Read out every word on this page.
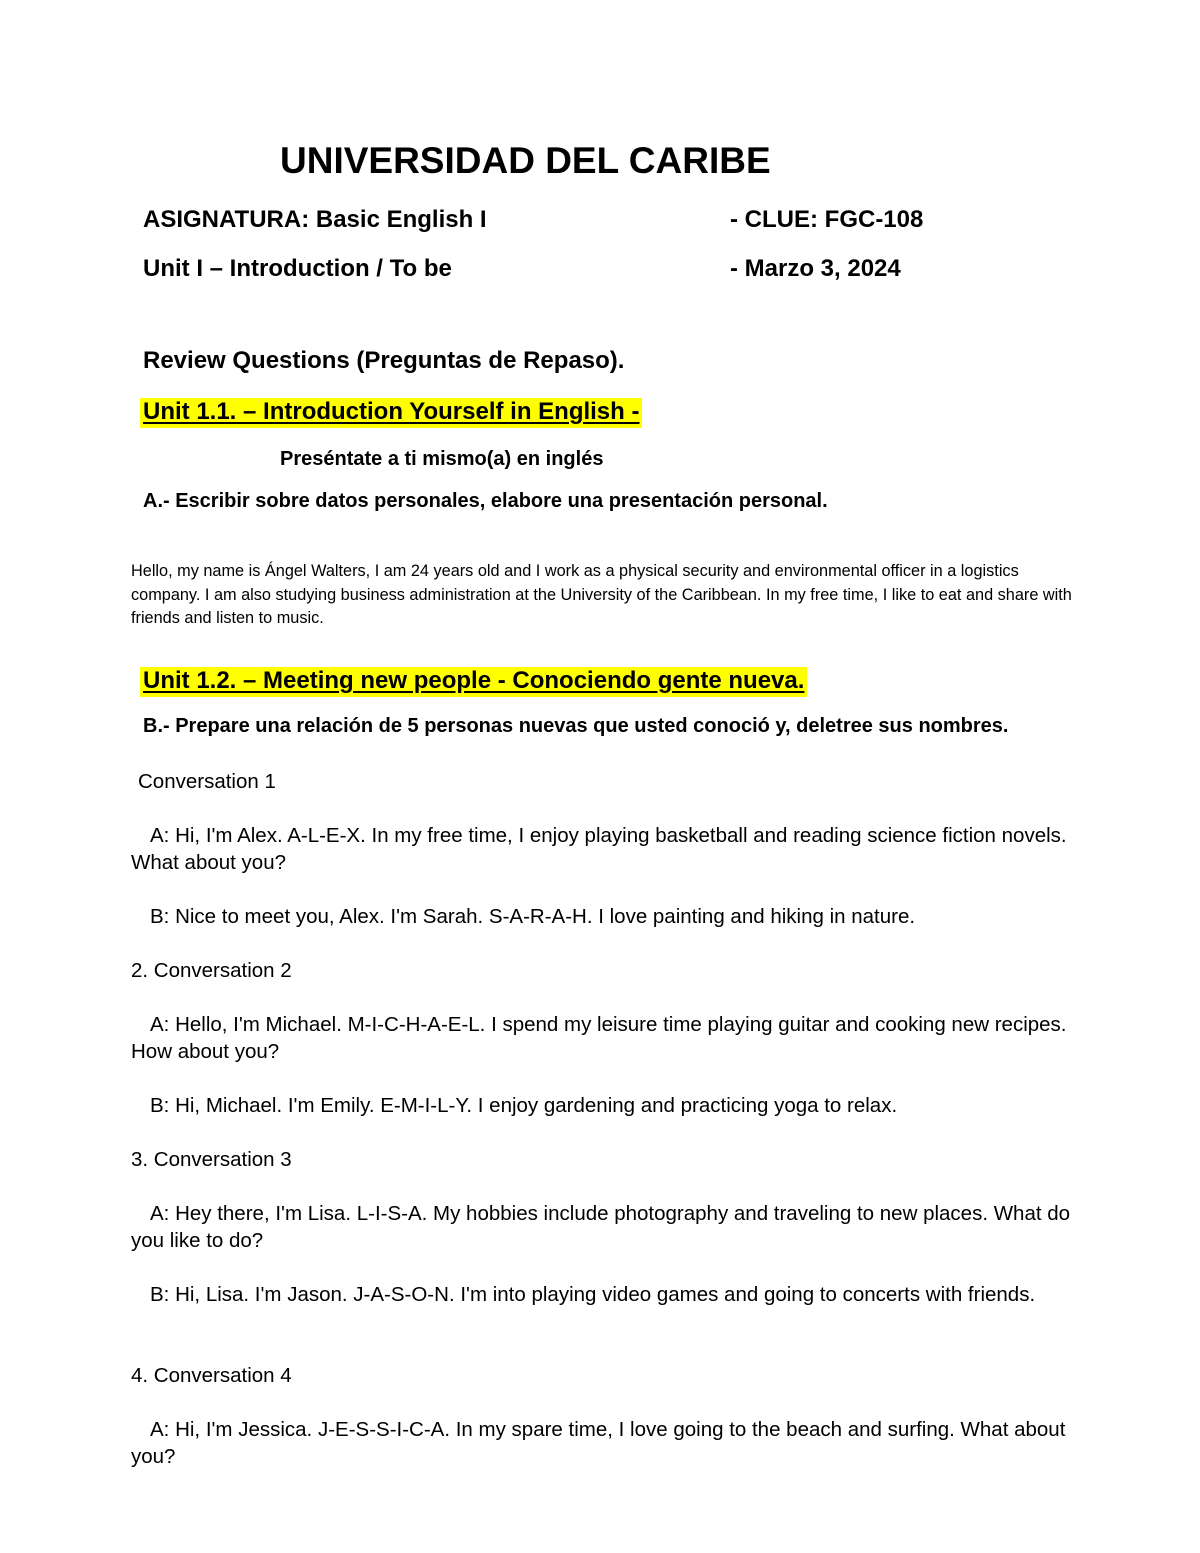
UNIVERSIDAD DEL CARIBE
ASIGNATURA: Basic English I	- CLUE: FGC-108
Unit I – Introduction / To be	- Marzo 3, 2024
Review Questions (Preguntas de Repaso).
Unit 1.1. – Introduction Yourself in English -
Preséntate a ti mismo(a) en inglés
A.- Escribir sobre datos personales, elabore una presentación personal.
Hello, my name is Ángel Walters, I am 24 years old and I work as a physical security and environmental officer in a logistics company. I am also studying business administration at the University of the Caribbean. In my free time, I like to eat and share with friends and listen to music.
Unit 1.2. – Meeting new people - Conociendo gente nueva.
B.- Prepare una relación de 5 personas nuevas que usted conoció y, deletree sus nombres.
Conversation 1
A: Hi, I'm Alex. A-L-E-X. In my free time, I enjoy playing basketball and reading science fiction novels. What about you?
B: Nice to meet you, Alex. I'm Sarah. S-A-R-A-H. I love painting and hiking in nature.
2. Conversation 2
A: Hello, I'm Michael. M-I-C-H-A-E-L. I spend my leisure time playing guitar and cooking new recipes. How about you?
B: Hi, Michael. I'm Emily. E-M-I-L-Y. I enjoy gardening and practicing yoga to relax.
3. Conversation 3
A: Hey there, I'm Lisa. L-I-S-A. My hobbies include photography and traveling to new places. What do you like to do?
B: Hi, Lisa. I'm Jason. J-A-S-O-N. I'm into playing video games and going to concerts with friends.
4. Conversation 4
A: Hi, I'm Jessica. J-E-S-S-I-C-A. In my spare time, I love going to the beach and surfing. What about you?
